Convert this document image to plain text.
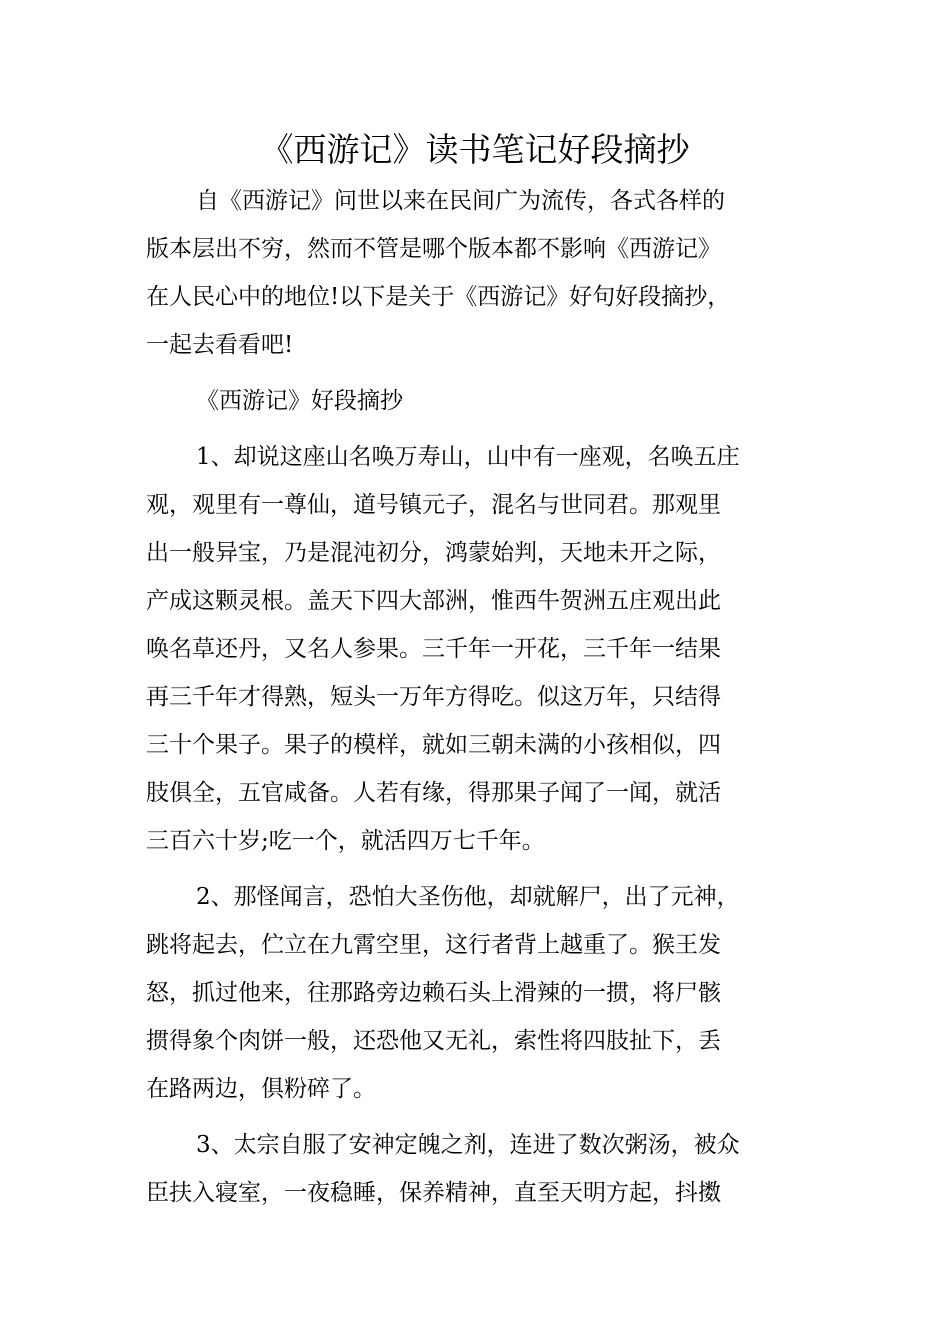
《西游记》读书笔记好段摘抄

自《西游记》问世以来在民间广为流传，各式各样的
版本层出不穷，然而不管是哪个版本都不影响《西游记》
在人民心中的地位!以下是关于《西游记》好句好段摘抄，
一起去看看吧!

《西游记》好段摘抄

1、却说这座山名唤万寿山，山中有一座观，名唤五庄
观，观里有一尊仙，道号镇元子，混名与世同君。那观里
出一般异宝，乃是混沌初分，鸿蒙始判，天地未开之际，
产成这颗灵根。盖天下四大部洲，惟西牛贺洲五庄观出此
唤名草还丹，又名人参果。三千年一开花，三千年一结果
再三千年才得熟，短头一万年方得吃。似这万年，只结得
三十个果子。果子的模样，就如三朝未满的小孩相似，四
肢俱全，五官咸备。人若有缘，得那果子闻了一闻，就活
三百六十岁;吃一个，就活四万七千年。

2、那怪闻言，恐怕大圣伤他，却就解尸，出了元神，
跳将起去，伫立在九霄空里，这行者背上越重了。猴王发
怒，抓过他来，往那路旁边赖石头上滑辣的一掼，将尸骸
掼得象个肉饼一般，还恐他又无礼，索性将四肢扯下，丢
在路两边，俱粉碎了。

3、太宗自服了安神定魄之剂，连进了数次粥汤，被众
臣扶入寝室，一夜稳睡，保养精神，直至天明方起，抖擞
